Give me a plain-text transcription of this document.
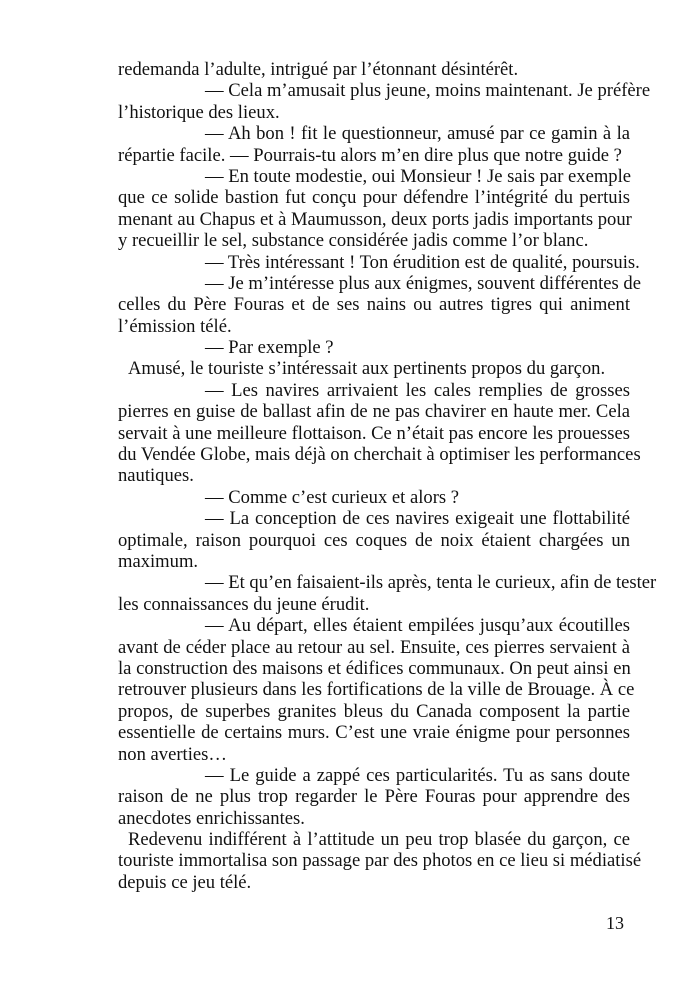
redemanda l’adulte, intrigué par l’étonnant désintérêt.
— Cela m’amusait plus jeune, moins maintenant. Je préfère
l’historique des lieux.
— Ah bon ! fit le questionneur, amusé par ce gamin à la
répartie facile. — Pourrais-tu alors m’en dire plus que notre guide ?
— En toute modestie, oui Monsieur ! Je sais par exemple
que ce solide bastion fut conçu pour défendre l’intégrité du pertuis
menant au Chapus et à Maumusson, deux ports jadis importants pour
y recueillir le sel, substance considérée jadis comme l’or blanc.
— Très intéressant ! Ton érudition est de qualité, poursuis.
— Je m’intéresse plus aux énigmes, souvent différentes de
celles du Père Fouras et de ses nains ou autres tigres qui animent
l’émission télé.
— Par exemple ?
Amusé, le touriste s’intéressait aux pertinents propos du garçon.
— Les navires arrivaient les cales remplies de grosses
pierres en guise de ballast afin de ne pas chavirer en haute mer. Cela
servait à une meilleure flottaison. Ce n’était pas encore les prouesses
du Vendée Globe, mais déjà on cherchait à optimiser les performances
nautiques.
— Comme c’est curieux et alors ?
— La conception de ces navires exigeait une flottabilité
optimale, raison pourquoi ces coques de noix étaient chargées un
maximum.
— Et qu’en faisaient-ils après, tenta le curieux, afin de tester
les connaissances du jeune érudit.
— Au départ, elles étaient empilées jusqu’aux écoutilles
avant de céder place au retour au sel. Ensuite, ces pierres servaient à
la construction des maisons et édifices communaux. On peut ainsi en
retrouver plusieurs dans les fortifications de la ville de Brouage. À ce
propos, de superbes granites bleus du Canada composent la partie
essentielle de certains murs. C’est une vraie énigme pour personnes
non averties…
— Le guide a zappé ces particularités. Tu as sans doute
raison de ne plus trop regarder le Père Fouras pour apprendre des
anecdotes enrichissantes.
Redevenu indifférent à l’attitude un peu trop blasée du garçon, ce
touriste immortalisa son passage par des photos en ce lieu si médiatisé
depuis ce jeu télé.
13
